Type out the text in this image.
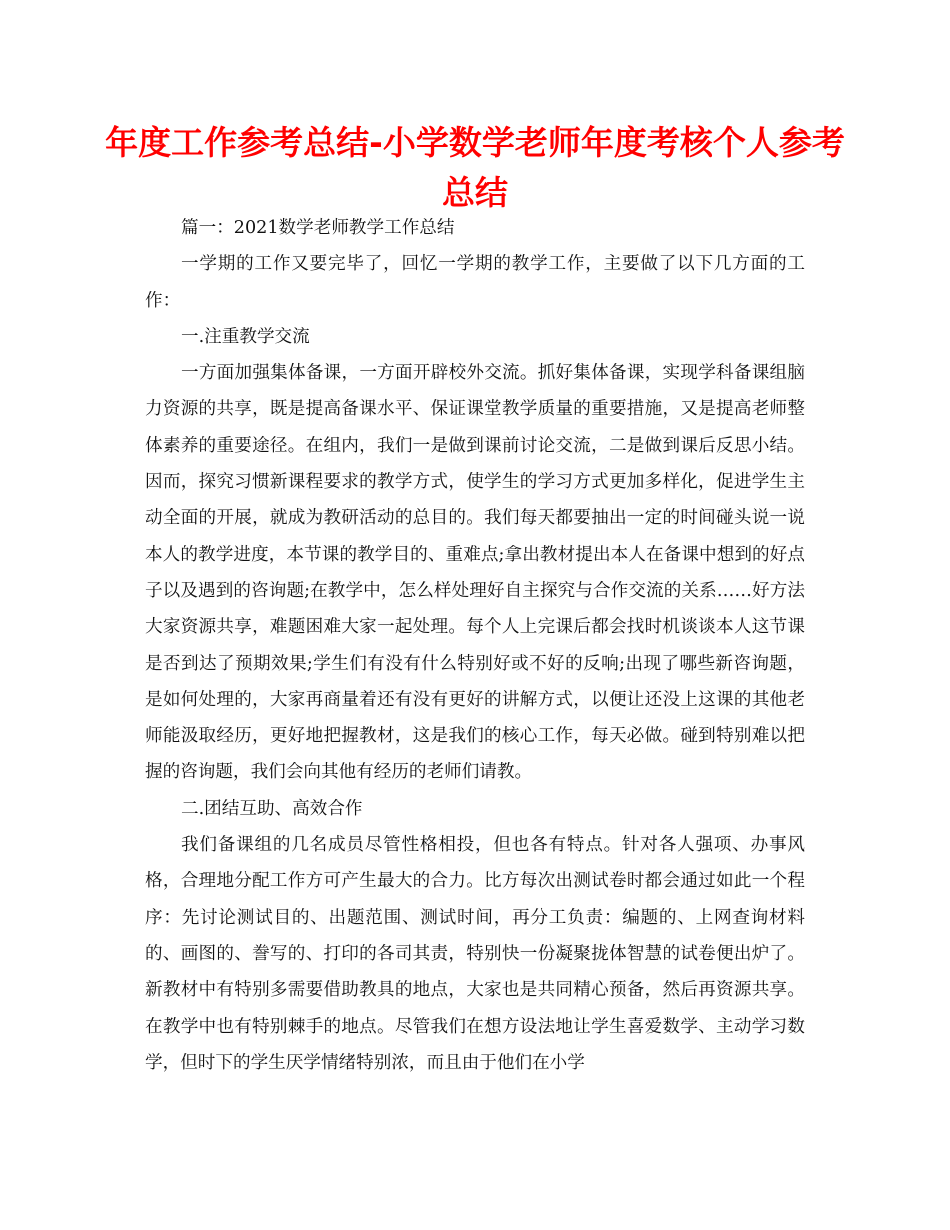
年度工作参考总结-小学数学老师年度考核个人参考总结

篇一：2021数学老师教学工作总结

一学期的工作又要完毕了，回忆一学期的教学工作，主要做了以下几方面的工作：

一.注重教学交流

一方面加强集体备课，一方面开辟校外交流。抓好集体备课，实现学科备课组脑力资源的共享，既是提高备课水平、保证课堂教学质量的重要措施，又是提高老师整体素养的重要途径。在组内，我们一是做到课前讨论交流，二是做到课后反思小结。因而，探究习惯新课程要求的教学方式，使学生的学习方式更加多样化，促进学生主动全面的开展，就成为教研活动的总目的。我们每天都要抽出一定的时间碰头说一说本人的教学进度，本节课的教学目的、重难点;拿出教材提出本人在备课中想到的好点子以及遇到的咨询题;在教学中，怎么样处理好自主探究与合作交流的关系……好方法大家资源共享，难题困难大家一起处理。每个人上完课后都会找时机谈谈本人这节课是否到达了预期效果;学生们有没有什么特别好或不好的反响;出现了哪些新咨询题，是如何处理的，大家再商量着还有没有更好的讲解方式，以便让还没上这课的其他老师能汲取经历，更好地把握教材，这是我们的核心工作，每天必做。碰到特别难以把握的咨询题，我们会向其他有经历的老师们请教。

二.团结互助、高效合作

我们备课组的几名成员尽管性格相投，但也各有特点。针对各人强项、办事风格，合理地分配工作方可产生最大的合力。比方每次出测试卷时都会通过如此一个程序：先讨论测试目的、出题范围、测试时间，再分工负责：编题的、上网查询材料的、画图的、誊写的、打印的各司其责，特别快一份凝聚拢体智慧的试卷便出炉了。新教材中有特别多需要借助教具的地点，大家也是共同精心预备，然后再资源共享。在教学中也有特别棘手的地点。尽管我们在想方设法地让学生喜爱数学、主动学习数学，但时下的学生厌学情绪特别浓，而且由于他们在小学
